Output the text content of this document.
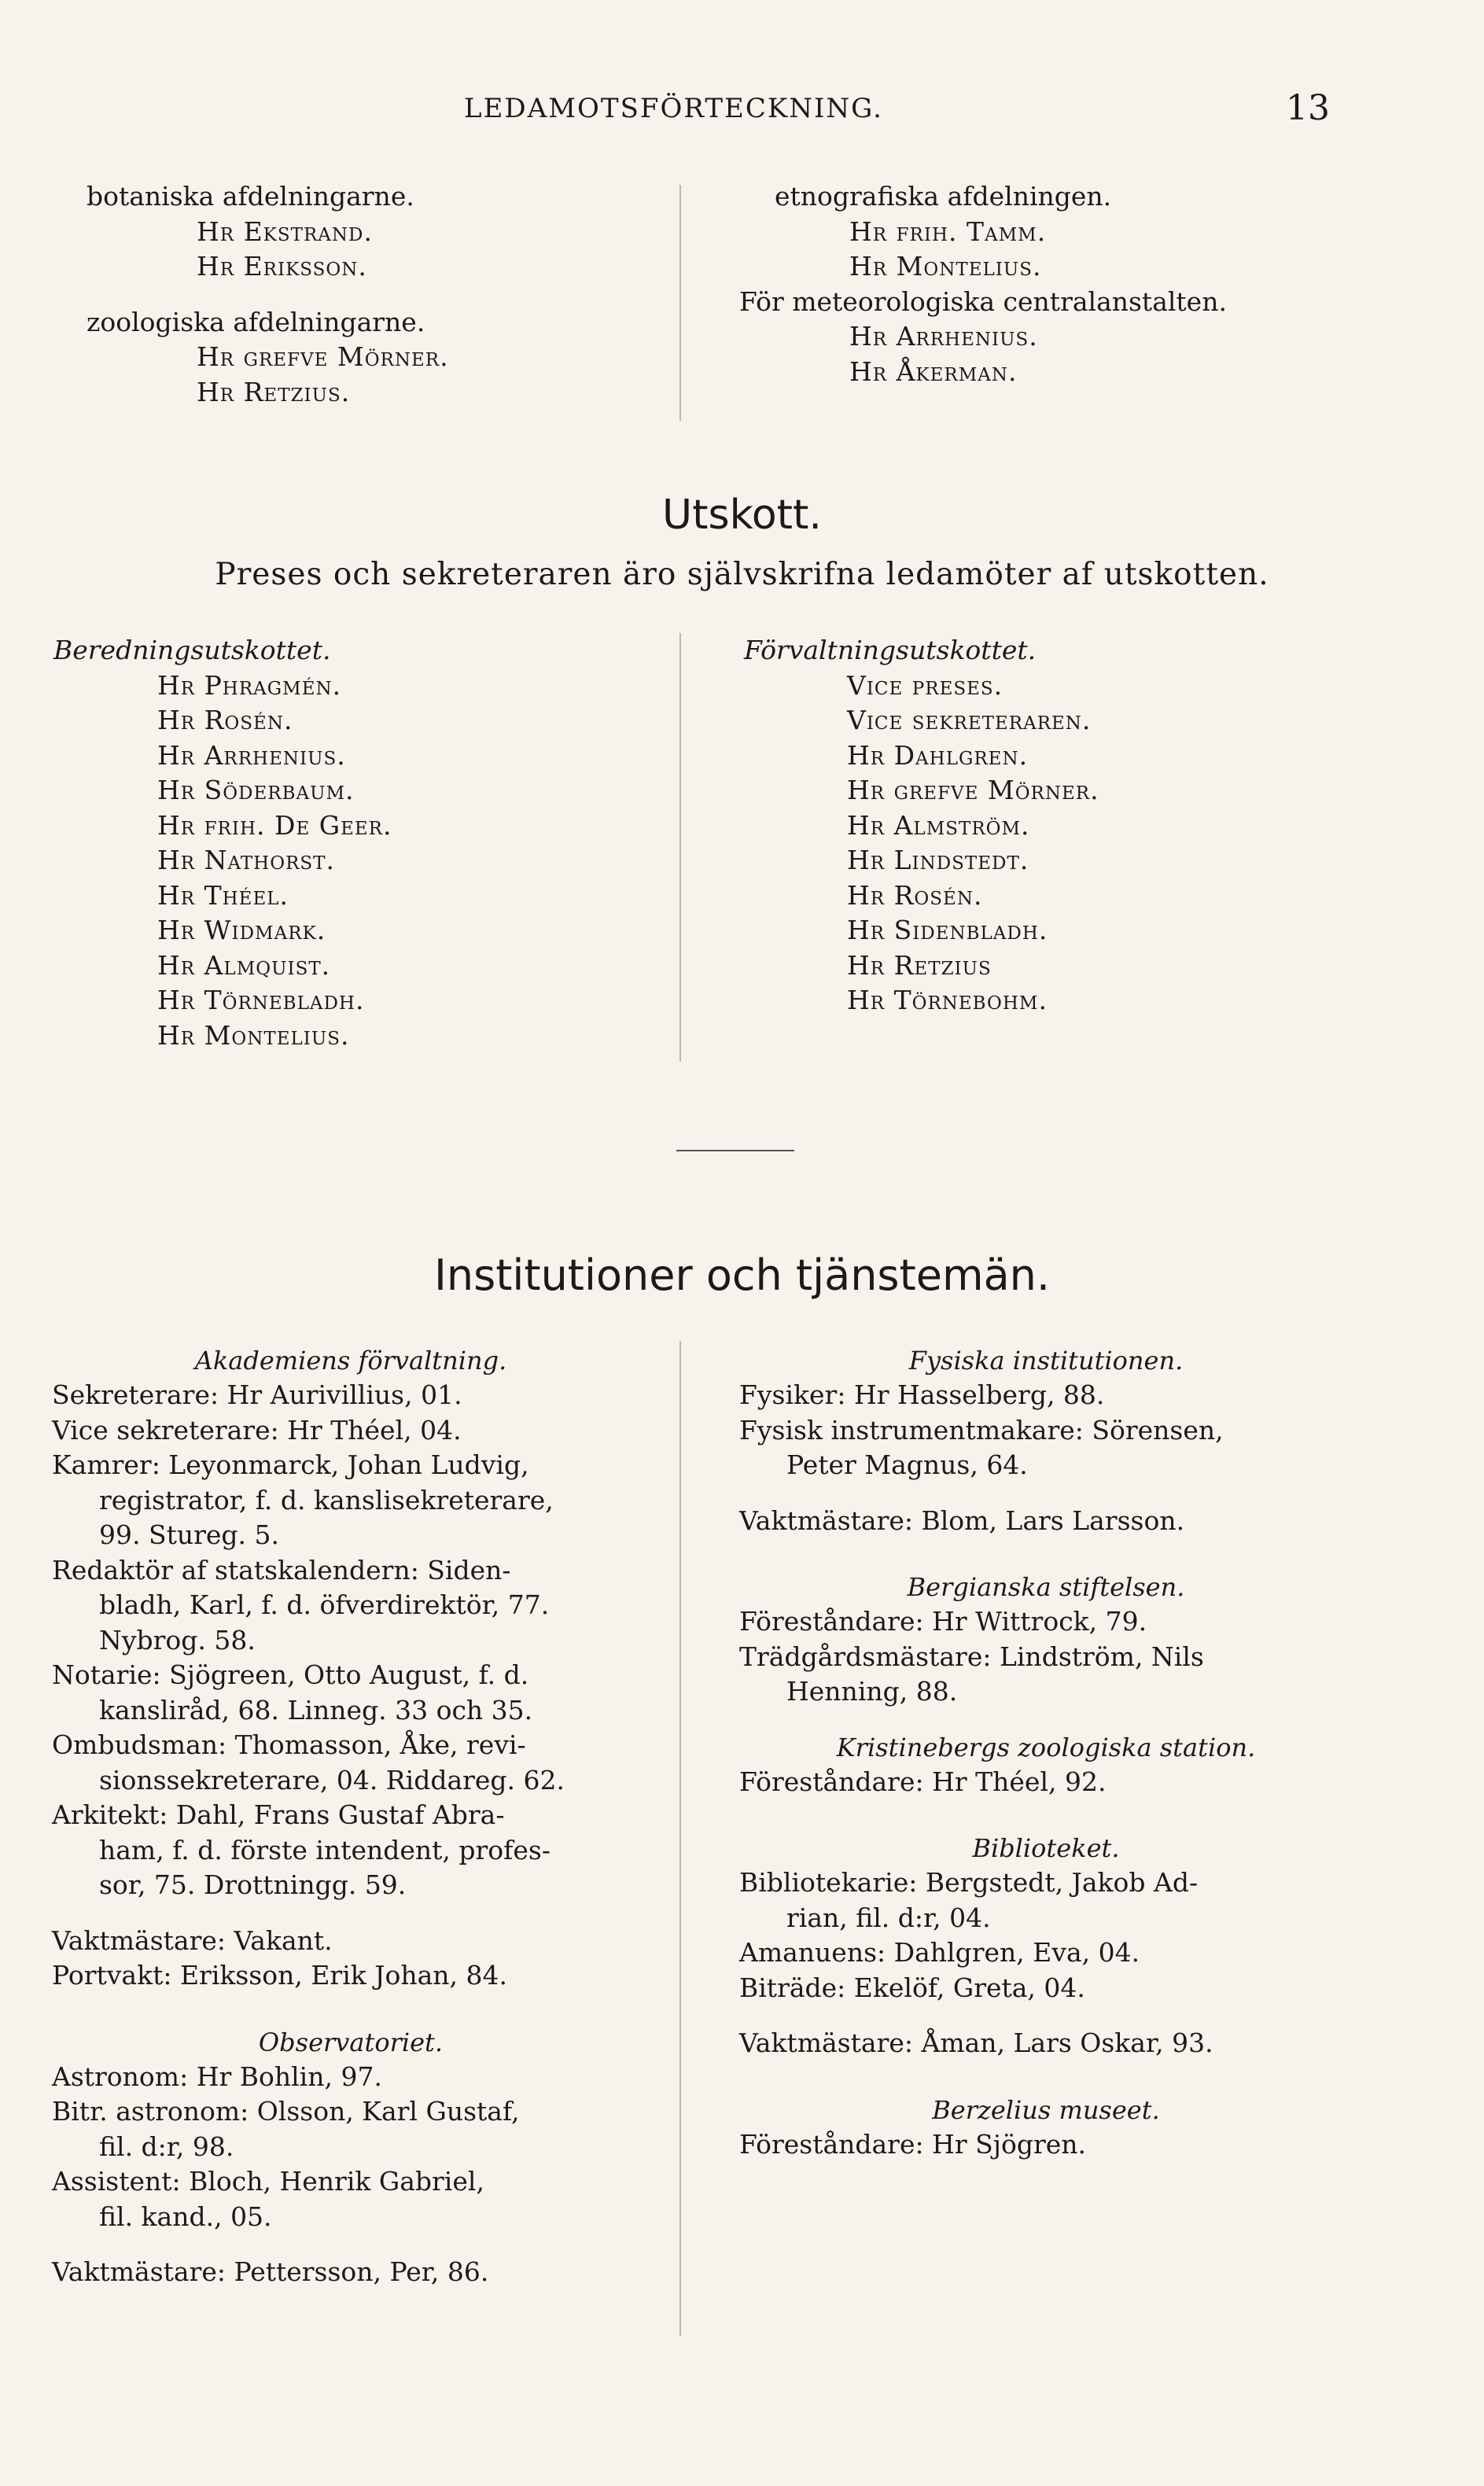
LEDAMOTSFÖRTECKNING.	13
botaniska afdelningarne.
Hr Ekstrand.
Hr Eriksson.
zoologiska afdelningarne.
Hr grefve Mörner.
Hr Retzius.
etnografiska afdelningen.
Hr frih. Tamm.
Hr Montelius.
För meteorologiska centralanstalten.
Hr Arrhenius.
Hr Åkerman.
Utskott.
Preses och sekreteraren äro självskrifna ledamöter af utskotten.
Beredningsutskottet.
Hr Phragmén.
Hr Rosén.
Hr Arrhenius.
Hr Söderbaum.
Hr frih. De Geer.
Hr Nathorst.
Hr Théel.
Hr Widmark.
Hr Almquist.
Hr Törnebladh.
Hr Montelius.
Förvaltningsutskottet.
Vice preses.
Vice sekreteraren.
Hr Dahlgren.
Hr grefve Mörner.
Hr Almström.
Hr Lindstedt.
Hr Rosén.
Hr Sidenbladh.
Hr Retzius
Hr Törnebohm.
Institutioner och tjänstemän.
Akademiens förvaltning.
Sekreterare: Hr Aurivillius, 01.
Vice sekreterare: Hr Théel, 04.
Kamrer: Leyonmarck, Johan Ludvig,
registrator, f. d. kanslisekreterare,
99. Stureg. 5.
Redaktör af statskalendern: Siden-
bladh, Karl, f. d. öfverdirektör, 77.
Nybrog. 58.
Notarie: Sjögreen, Otto August, f. d.
kansliråd, 68. Linneg. 33 och 35.
Ombudsman: Thomasson, Åke, revi-
sionssekreterare, 04. Riddareg. 62.
Arkitekt: Dahl, Frans Gustaf Abra-
ham, f. d. förste intendent, profes-
sor, 75. Drottningg. 59.
Vaktmästare: Vakant.
Portvakt: Eriksson, Erik Johan, 84.
Observatoriet.
Astronom: Hr Bohlin, 97.
Bitr. astronom: Olsson, Karl Gustaf,
fil. d:r, 98.
Assistent: Bloch, Henrik Gabriel,
fil. kand., 05.
Vaktmästare: Pettersson, Per, 86.
Fysiska institutionen.
Fysiker: Hr Hasselberg, 88.
Fysisk instrumentmakare: Sörensen,
Peter Magnus, 64.
Vaktmästare: Blom, Lars Larsson.
Bergianska stiftelsen.
Föreståndare: Hr Wittrock, 79.
Trädgårdsmästare: Lindström, Nils
Henning, 88.
Kristinebergs zoologiska station.
Föreståndare: Hr Théel, 92.
Biblioteket.
Bibliotekarie: Bergstedt, Jakob Ad-
rian, fil. d:r, 04.
Amanuens: Dahlgren, Eva, 04.
Biträde: Ekelöf, Greta, 04.
Vaktmästare: Åman, Lars Oskar, 93.
Berzelius museet.
Föreståndare: Hr Sjögren.
